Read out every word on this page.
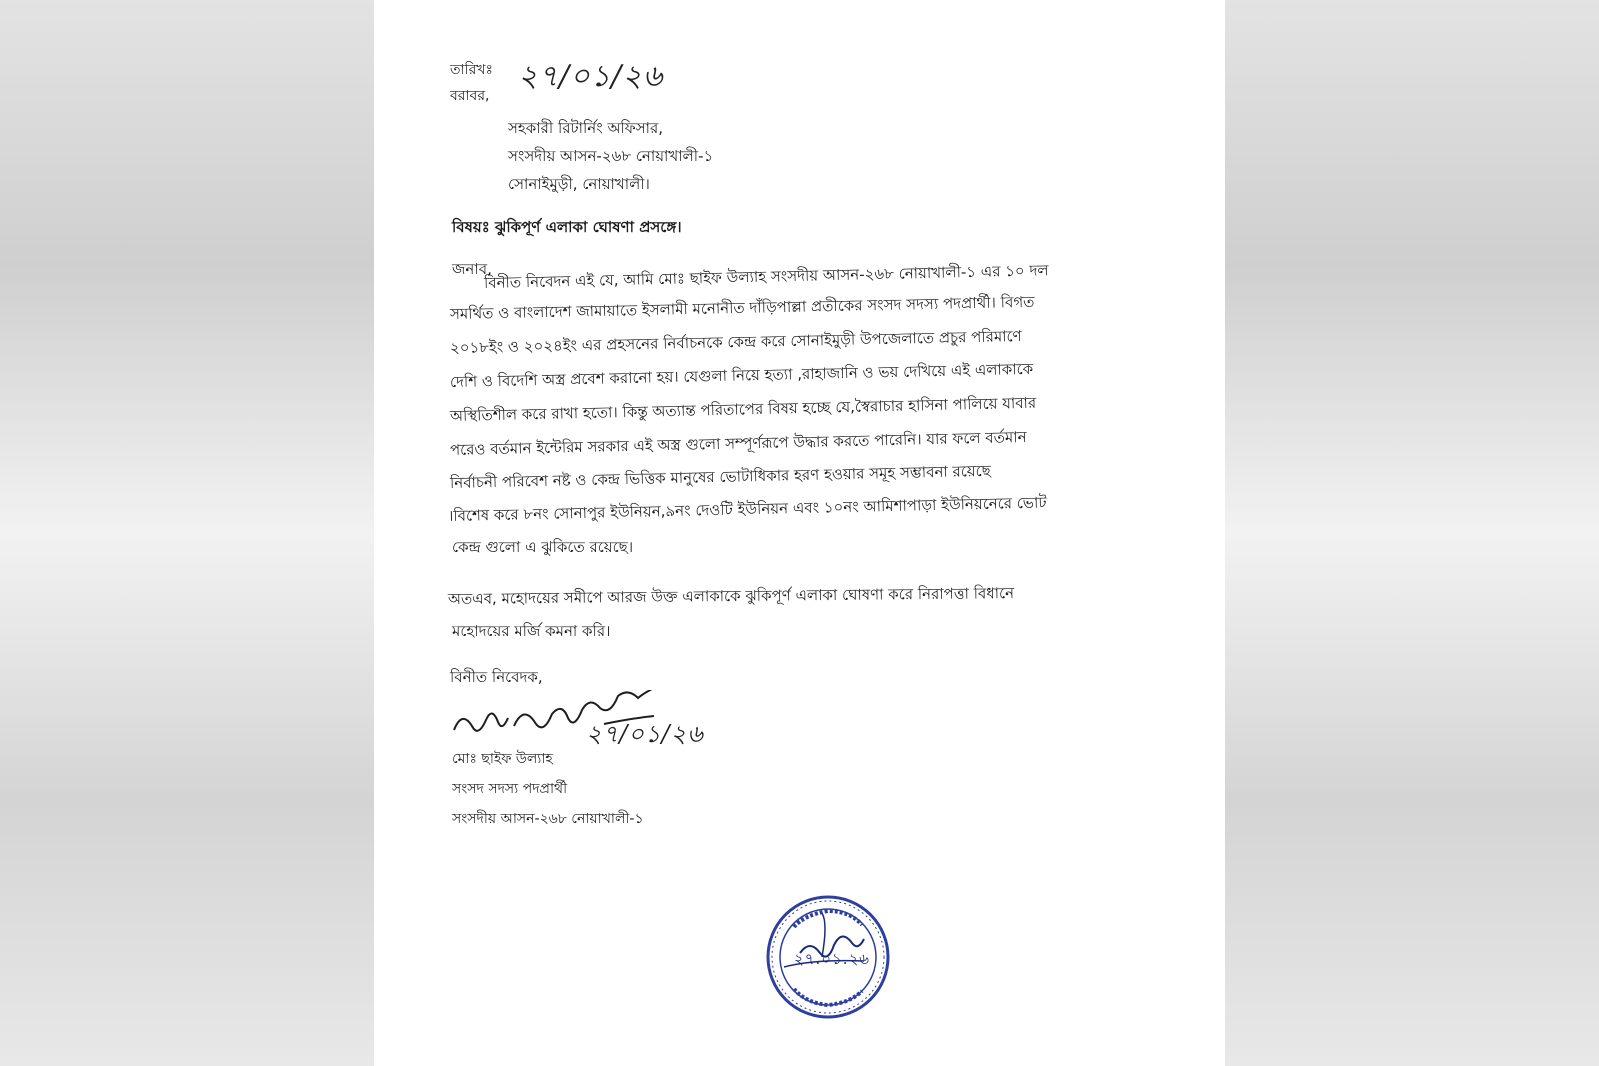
তারিখঃ
বরাবর,
২৭/০১/২৬
সহকারী রিটার্নিং অফিসার,
সংসদীয় আসন-২৬৮ নোয়াখালী-১
সোনাইমুড়ী, নোয়াখালী।
বিষয়ঃ ঝুকিপূর্ণ এলাকা ঘোষণা প্রসঙ্গে।
জনাব,
বিনীত নিবেদন এই যে, আমি মোঃ ছাইফ উল্যাহ সংসদীয় আসন-২৬৮ নোয়াখালী-১ এর ১০ দল
সমর্থিত ও বাংলাদেশ জামায়াতে ইসলামী মনোনীত দাঁড়িপাল্লা প্রতীকের সংসদ সদস্য পদপ্রার্থী। বিগত
২০১৮ইং ও ২০২৪ইং এর প্রহসনের নির্বাচনকে কেন্দ্র করে সোনাইমুড়ী উপজেলাতে প্রচুর পরিমাণে
দেশি ও বিদেশি অস্ত্র প্রবেশ করানো হয়। যেগুলা নিয়ে হত্যা ,রাহাজানি ও ভয় দেখিয়ে এই এলাকাকে
অস্থিতিশীল করে রাখা হতো। কিন্তু অত্যান্ত পরিতাপের বিষয় হচ্ছে যে,স্বৈরাচার হাসিনা পালিয়ে যাবার
পরেও বর্তমান ইন্টেরিম সরকার এই অস্ত্র গুলো সম্পূর্ণরূপে উদ্ধার করতে পারেনি। যার ফলে বর্তমান
নির্বাচনী পরিবেশ নষ্ট ও কেন্দ্র ভিত্তিক মানুষের ভোটাধিকার হরণ হওয়ার সমূহ সম্ভাবনা রয়েছে
।বিশেষ করে ৮নং সোনাপুর ইউনিয়ন,৯নং দেওটি ইউনিয়ন এবং ১০নং আমিশাপাড়া ইউনিয়নেরে ভোট
কেন্দ্র গুলো এ ঝুকিতে রয়েছে।
অতএব, মহোদয়ের সমীপে আরজ উক্ত এলাকাকে ঝুকিপূর্ণ এলাকা ঘোষণা করে নিরাপত্তা বিধানে
মহোদয়ের মর্জি কমনা করি।
বিনীত নিবেদক,
২৭/০১/২৬
মোঃ ছাইফ উল্যাহ
সংসদ সদস্য পদপ্রার্থী
সংসদীয় আসন-২৬৮ নোয়াখালী-১
২৭.০১.২৬
